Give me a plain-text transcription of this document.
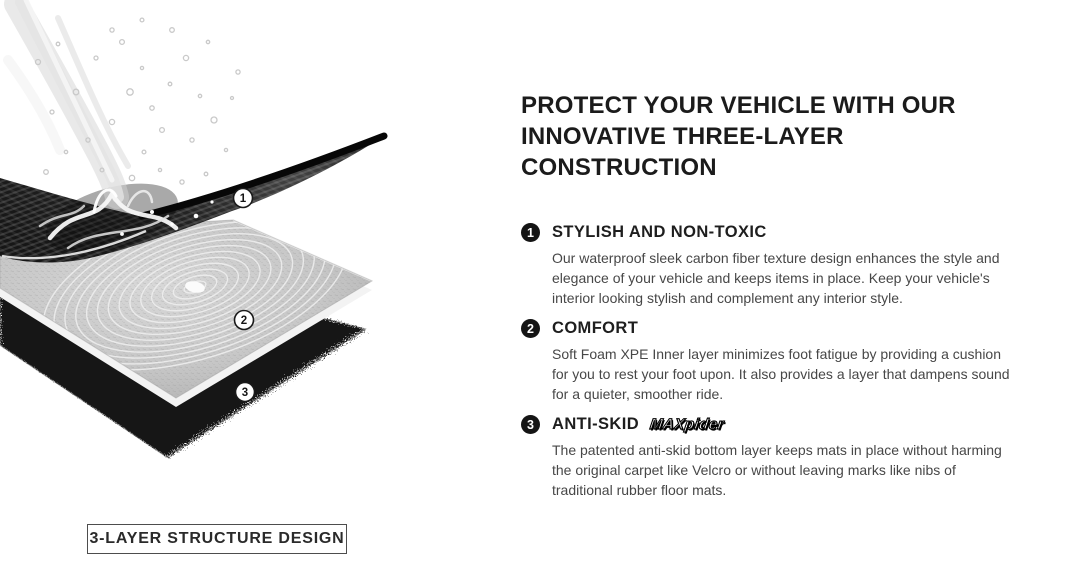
1
2
3
3-LAYER STRUCTURE DESIGN
PROTECT YOUR VEHICLE WITH OUR
INNOVATIVE THREE-LAYER CONSTRUCTION
1	STYLISH AND NON-TOXIC

Our waterproof sleek carbon fiber texture design enhances the style and elegance of your vehicle and keeps items in place. Keep your vehicle's interior looking stylish and complement any interior style.

2	COMFORT

Soft Foam XPE Inner layer minimizes foot fatigue by providing a cushion for you to rest your foot upon. It also provides a layer that dampens sound for a quieter, smoother ride.

3	ANTI-SKID MAXpider

The patented anti-skid bottom layer keeps mats in place without harming the original carpet like Velcro or without leaving marks like nibs of traditional rubber floor mats.
